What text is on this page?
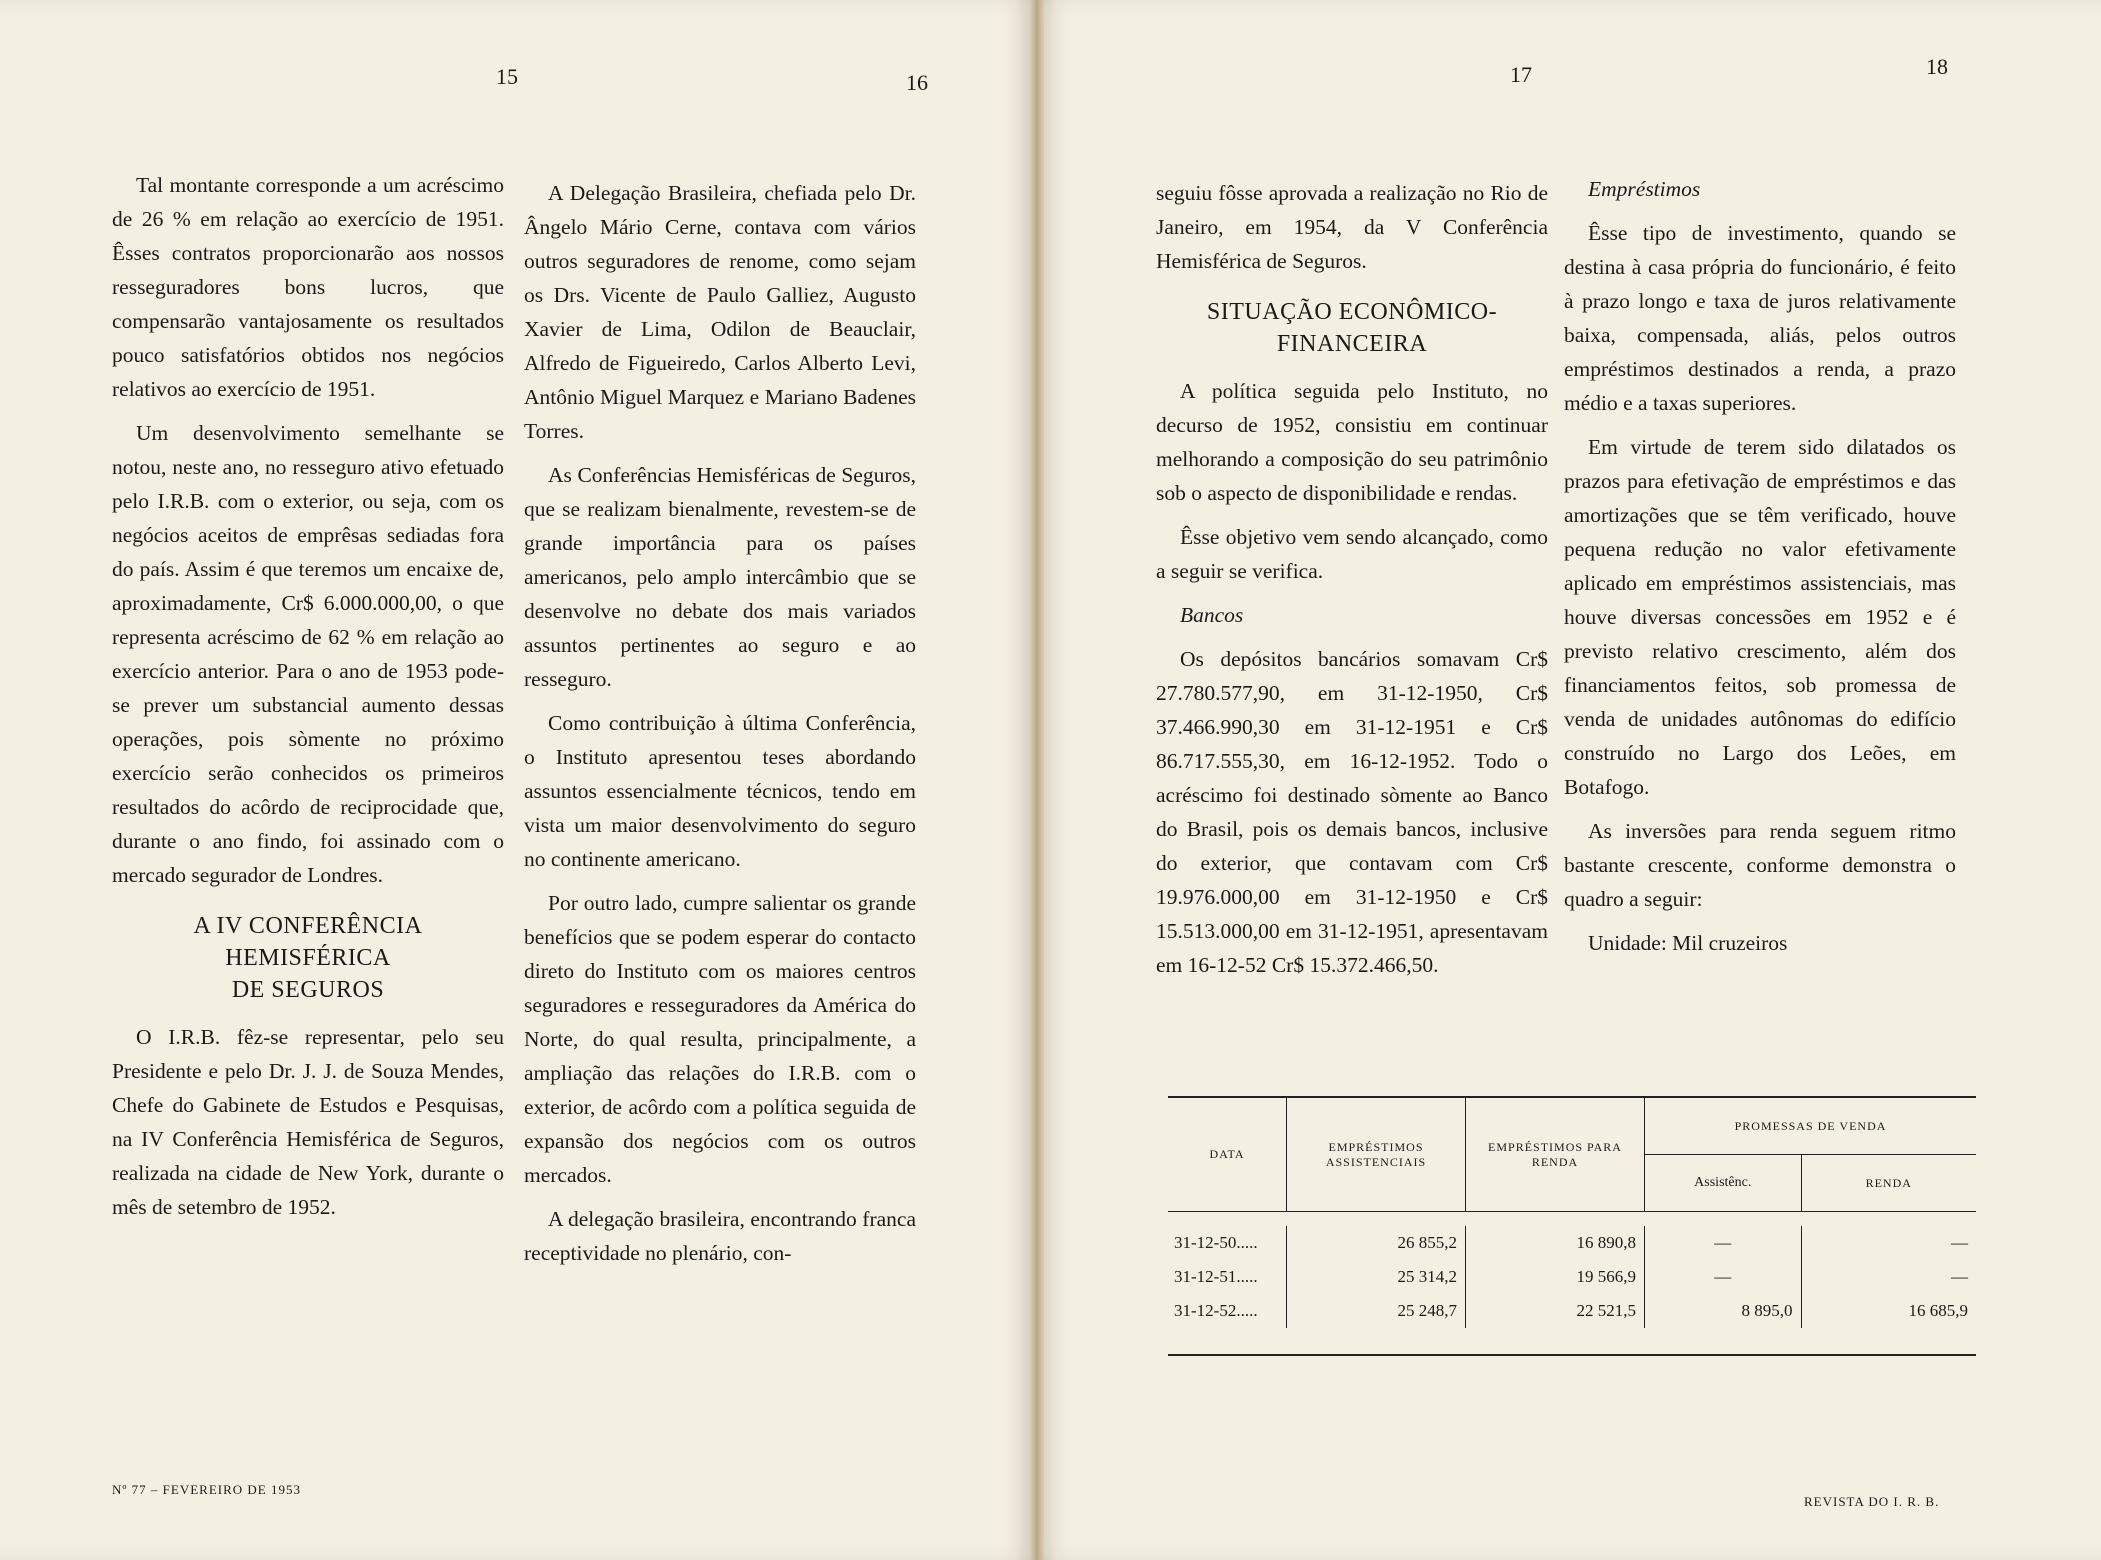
15	16	17	18

Tal montante corresponde a um acréscimo de 26 % em relação ao exercício de 1951. Êsses contratos proporcionarão aos nossos resseguradores bons lucros, que compensarão vantajosamente os resultados pouco satisfatórios obtidos nos negócios relativos ao exercício de 1951.

Um desenvolvimento semelhante se notou, neste ano, no resseguro ativo efetuado pelo I.R.B. com o exterior, ou seja, com os negócios aceitos de emprêsas sediadas fora do país. Assim é que teremos um encaixe de, aproximadamente, Cr$ 6.000.000,00, o que representa acréscimo de 62 % em relação ao exercício anterior. Para o ano de 1953 pode-se prever um substancial aumento dessas operações, pois sòmente no próximo exercício serão conhecidos os primeiros resultados do acôrdo de reciprocidade que, durante o ano findo, foi assinado com o mercado segurador de Londres.

A IV CONFERÊNCIA
HEMISFÉRICA
DE SEGUROS

O I.R.B. fêz-se representar, pelo seu Presidente e pelo Dr. J. J. de Souza Mendes, Chefe do Gabinete de Estudos e Pesquisas, na IV Conferência Hemisférica de Seguros, realizada na cidade de New York, durante o mês de setembro de 1952.

A Delegação Brasileira, chefiada pelo Dr. Ângelo Mário Cerne, contava com vários outros seguradores de renome, como sejam os Drs. Vicente de Paulo Galliez, Augusto Xavier de Lima, Odilon de Beauclair, Alfredo de Figueiredo, Carlos Alberto Levi, Antônio Miguel Marquez e Mariano Badenes Torres.

As Conferências Hemisféricas de Seguros, que se realizam bienalmente, revestem-se de grande importância para os países americanos, pelo amplo intercâmbio que se desenvolve no debate dos mais variados assuntos pertinentes ao seguro e ao resseguro.

Como contribuição à última Conferência, o Instituto apresentou teses abordando assuntos essencialmente técnicos, tendo em vista um maior desenvolvimento do seguro no continente americano.

Por outro lado, cumpre salientar os grande benefícios que se podem esperar do contacto direto do Instituto com os maiores centros seguradores e resseguradores da América do Norte, do qual resulta, principalmente, a ampliação das relações do I.R.B. com o exterior, de acôrdo com a política seguida de expansão dos negócios com os outros mercados.

A delegação brasileira, encontrando franca receptividade no plenário, con-

seguiu fôsse aprovada a realização no Rio de Janeiro, em 1954, da V Conferência Hemisférica de Seguros.

SITUAÇÃO ECONÔMICO-
FINANCEIRA

A política seguida pelo Instituto, no decurso de 1952, consistiu em continuar melhorando a composição do seu patrimônio sob o aspecto de disponibilidade e rendas.

Êsse objetivo vem sendo alcançado, como a seguir se verifica.

Bancos

Os depósitos bancários somavam Cr$ 27.780.577,90, em 31-12-1950, Cr$ 37.466.990,30 em 31-12-1951 e Cr$ 86.717.555,30, em 16-12-1952. Todo o acréscimo foi destinado sòmente ao Banco do Brasil, pois os demais bancos, inclusive do exterior, que contavam com Cr$ 19.976.000,00 em 31-12-1950 e Cr$ 15.513.000,00 em 31-12-1951, apresentavam em 16-12-52 Cr$ 15.372.466,50.

Empréstimos

Êsse tipo de investimento, quando se destina à casa própria do funcionário, é feito à prazo longo e taxa de juros relativamente baixa, compensada, aliás, pelos outros empréstimos destinados a renda, a prazo médio e a taxas superiores.

Em virtude de terem sido dilatados os prazos para efetivação de empréstimos e das amortizações que se têm verificado, houve pequena redução no valor efetivamente aplicado em empréstimos assistenciais, mas houve diversas concessões em 1952 e é previsto relativo crescimento, além dos financiamentos feitos, sob promessa de venda de unidades autônomas do edifício construído no Largo dos Leões, em Botafogo.

As inversões para renda seguem ritmo bastante crescente, conforme demonstra o quadro a seguir:

Unidade: Mil cruzeiros

DATA	EMPRÉSTIMOS ASSISTENCIAIS	EMPRÉSTIMOS PARA RENDA	PROMESSAS DE VENDA	
			Assistênc.	RENDA

31-12-50.....	26 855,2	16 890,8	—	—
31-12-51.....	25 314,2	19 566,9	—	—
31-12-52.....	25 248,7	22 521,5	8 895,0	16 685,9

Nº 77 – FEVEREIRO DE 1953
REVISTA DO I. R. B.
